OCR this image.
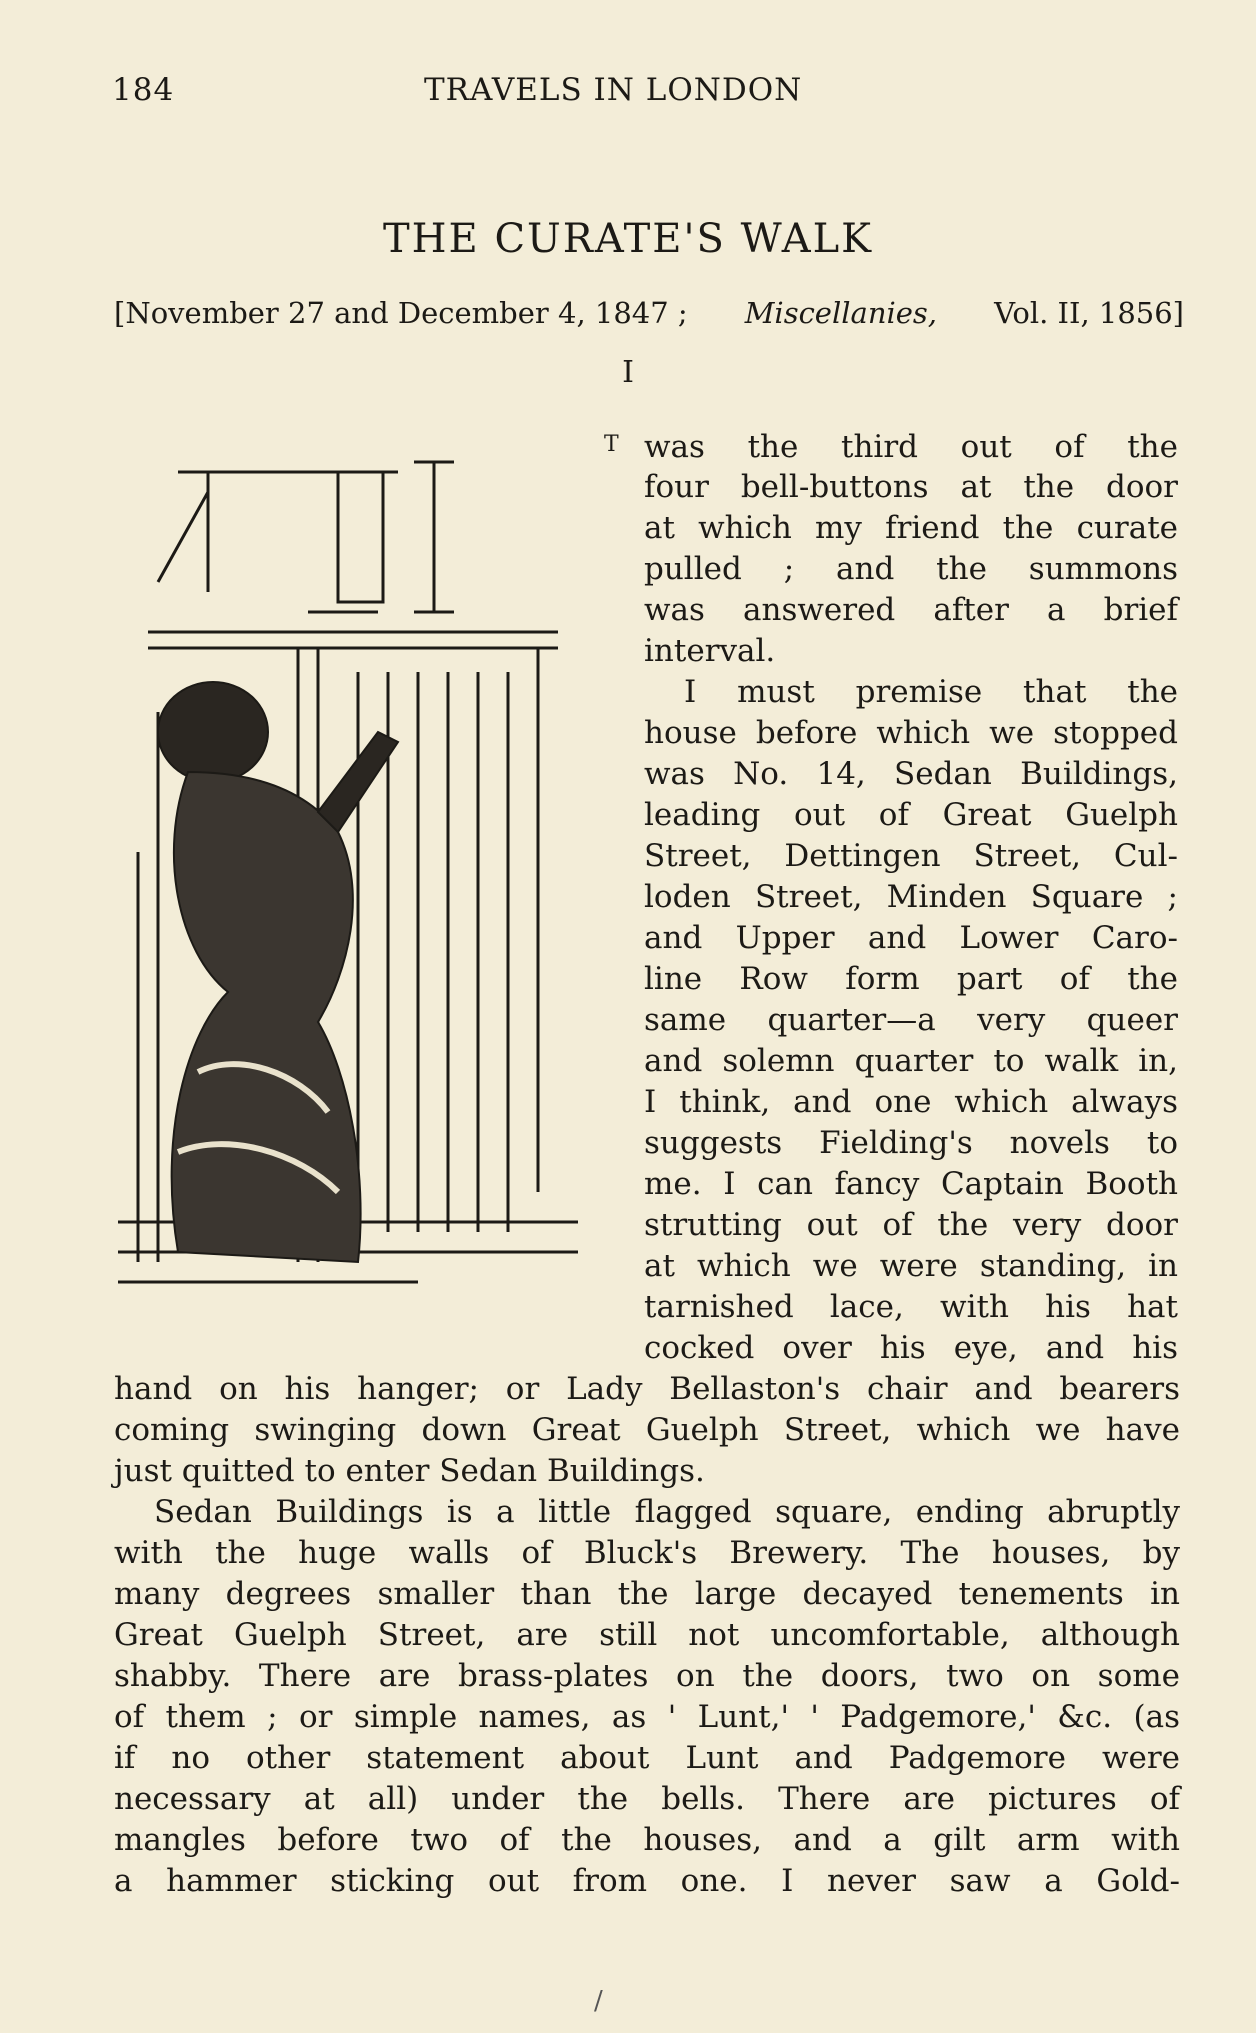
184	TRAVELS IN LONDON
THE CURATE'S WALK
[November 27 and December 4, 1847 ; Miscellanies, Vol. II, 1856]
I
T was the third out of the
four bell-buttons at the door
at which my friend the curate
pulled ; and the summons
was answered after a brief
interval.
I must premise that the
house before which we stopped
was No. 14, Sedan Buildings,
leading out of Great Guelph
Street, Dettingen Street, Cul-
loden Street, Minden Square ;
and Upper and Lower Caro-
line Row form part of the
same quarter—a very queer
and solemn quarter to walk in,
I think, and one which always
suggests Fielding's novels to
me. I can fancy Captain Booth
strutting out of the very door
at which we were standing, in
tarnished lace, with his hat
cocked over his eye, and his
hand on his hanger; or Lady Bellaston's chair and bearers
coming swinging down Great Guelph Street, which we have
just quitted to enter Sedan Buildings.
Sedan Buildings is a little flagged square, ending abruptly
with the huge walls of Bluck's Brewery. The houses, by
many degrees smaller than the large decayed tenements in
Great Guelph Street, are still not uncomfortable, although
shabby. There are brass-plates on the doors, two on some
of them ; or simple names, as ' Lunt,' ' Padgemore,' &c. (as
if no other statement about Lunt and Padgemore were
necessary at all) under the bells. There are pictures of
mangles before two of the houses, and a gilt arm with
a hammer sticking out from one. I never saw a Gold-
/
